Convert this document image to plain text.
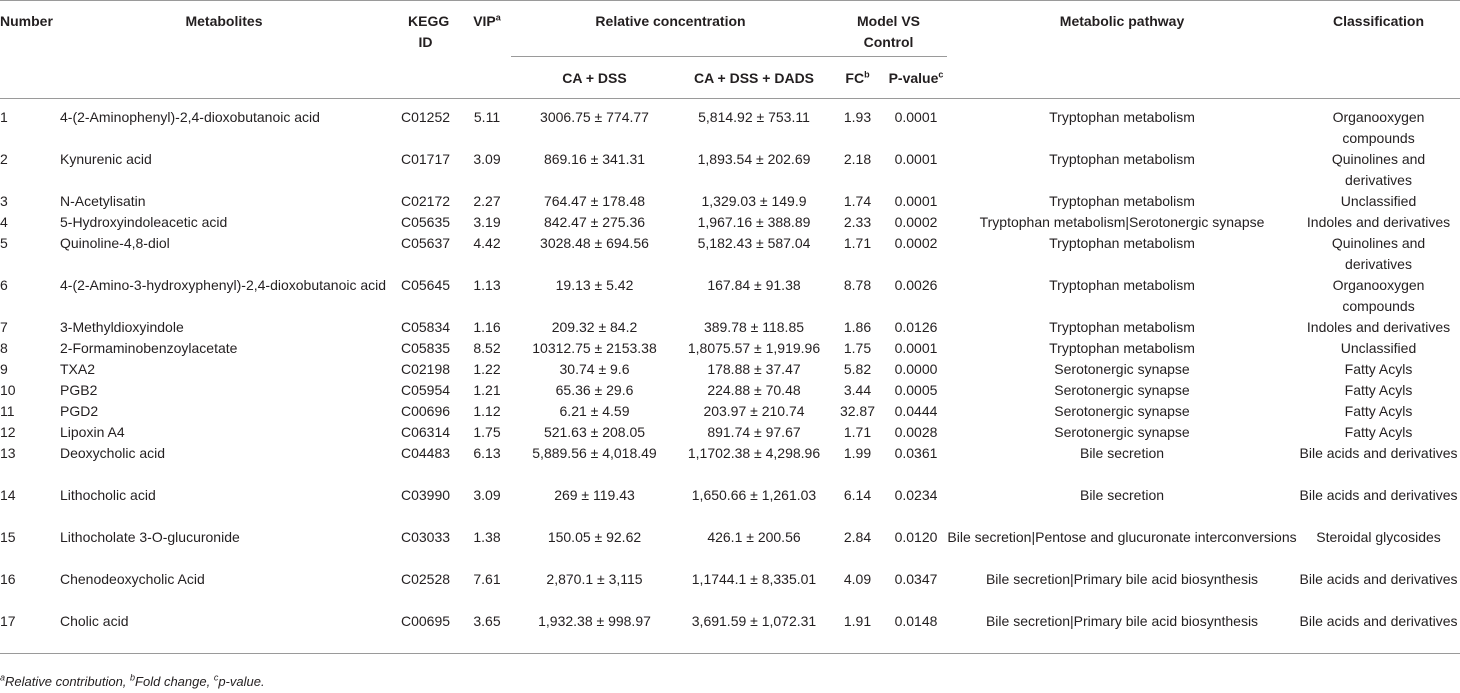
Number	Metabolites	KEGG ID	VIP$^a$	Relative concentration		Model VS Control		Metabolic pathway	Classification
				CA + DSS	CA + DSS + DADS	$FC^b$	P-value$^c$
1	4-(2-Aminophenyl)-2,4-dioxobutanoic acid	C01252	5.11	3006.75 ± 774.77	5,814.92 ± 753.11	1.93	0.0001	Tryptophan metabolism	Organooxygen compounds
2	Kynurenic acid	C01717	3.09	869.16 ± 341.31	1,893.54 ± 202.69	2.18	0.0001	Tryptophan metabolism	Quinolines and derivatives
3	N-Acetylisatin	C02172	2.27	764.47 ± 178.48	1,329.03 ± 149.9	1.74	0.0001	Tryptophan metabolism	Unclassified
4	5-Hydroxyindoleacetic acid	C05635	3.19	842.47 ± 275.36	1,967.16 ± 388.89	2.33	0.0002	Tryptophan metabolism|Serotonergic synapse	Indoles and derivatives
5	Quinoline-4,8-diol	C05637	4.42	3028.48 ± 694.56	5,182.43 ± 587.04	1.71	0.0002	Tryptophan metabolism	Quinolines and derivatives
6	4-(2-Amino-3-hydroxyphenyl)-2,4-dioxobutanoic acid	C05645	1.13	19.13 ± 5.42	167.84 ± 91.38	8.78	0.0026	Tryptophan metabolism	Organooxygen compounds
7	3-Methyldioxyindole	C05834	1.16	209.32 ± 84.2	389.78 ± 118.85	1.86	0.0126	Tryptophan metabolism	Indoles and derivatives
8	2-Formaminobenzoylacetate	C05835	8.52	10312.75 ± 2153.38	1,8075.57 ± 1,919.96	1.75	0.0001	Tryptophan metabolism	Unclassified
9	TXA2	C02198	1.22	30.74 ± 9.6	178.88 ± 37.47	5.82	0.0000	Serotonergic synapse	Fatty Acyls
10	PGB2	C05954	1.21	65.36 ± 29.6	224.88 ± 70.48	3.44	0.0005	Serotonergic synapse	Fatty Acyls
11	PGD2	C00696	1.12	6.21 ± 4.59	203.97 ± 210.74	32.87	0.0444	Serotonergic synapse	Fatty Acyls
12	Lipoxin A4	C06314	1.75	521.63 ± 208.05	891.74 ± 97.67	1.71	0.0028	Serotonergic synapse	Fatty Acyls
13	Deoxycholic acid	C04483	6.13	5,889.56 ± 4,018.49	1,1702.38 ± 4,298.96	1.99	0.0361	Bile secretion	Bile acids and derivatives
14	Lithocholic acid	C03990	3.09	269 ± 119.43	1,650.66 ± 1,261.03	6.14	0.0234	Bile secretion	Bile acids and derivatives
15	Lithocholate 3-O-glucuronide	C03033	1.38	150.05 ± 92.62	426.1 ± 200.56	2.84	0.0120	Bile secretion|Pentose and glucuronate interconversions	Steroidal glycosides
16	Chenodeoxycholic Acid	C02528	7.61	2,870.1 ± 3,115	1,1744.1 ± 8,335.01	4.09	0.0347	Bile secretion|Primary bile acid biosynthesis	Bile acids and derivatives
17	Cholic acid	C00695	3.65	1,932.38 ± 998.97	3,691.59 ± 1,072.31	1.91	0.0148	Bile secretion|Primary bile acid biosynthesis	Bile acids and derivatives
$^a$Relative contribution, $^b$Fold change, $^c$p-value.
